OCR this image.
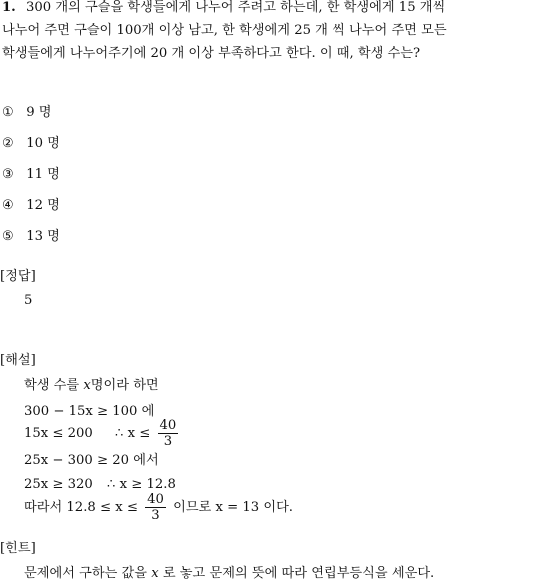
1. 300 개의 구슬을 학생들에게 나누어 주려고 하는데, 한 학생에게 15 개씩
나누어 주면 구슬이 100개 이상 남고, 한 학생에게 25 개 씩 나누어 주면 모든
학생들에게 나누어주기에 20 개 이상 부족하다고 한다. 이 때, 학생 수는?
① 9 명
② 10 명
③ 11 명
④ 12 명
⑤ 13 명
[정답]
5
[해설]
학생 수를 x명이라 하면
300 − 15x ≥ 100 에
15x ≤ 200 ∴ $x \le \frac{40}{3}$
25x − 300 ≥ 20 에서
25x ≥ 320 ∴ x ≥ 12.8
따라서 $12.8 \le x \le \frac{40}{3}$ 이므로 x = 13 이다.
[힌트]
문제에서 구하는 값을 x 로 놓고 문제의 뜻에 따라 연립부등식을 세운다.
